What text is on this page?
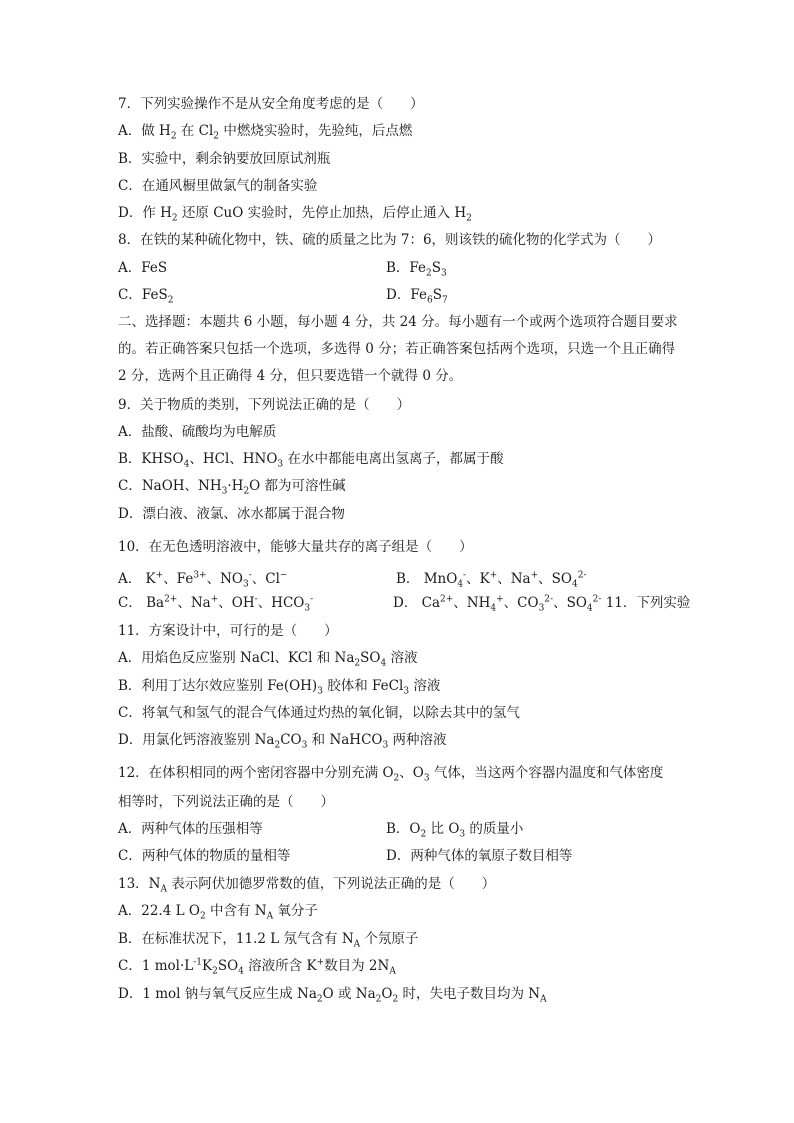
7．下列实验操作不是从安全角度考虑的是（　　）
A．做 $H_2$ 在 $Cl_2$ 中燃烧实验时，先验纯，后点燃
B．实验中，剩余钠要放回原试剂瓶
C．在通风橱里做氯气的制备实验
D．作 $H_2$ 还原 CuO 实验时，先停止加热，后停止通入 $H_2$
8．在铁的某种硫化物中，铁、硫的质量之比为 7：6，则该铁的硫化物的化学式为（　　）
A．FeS	B．$Fe_2S_3$
C．FeS$_2$	D．$Fe_6S_7$
二、选择题：本题共 6 小题，每小题 4 分，共 24 分。每小题有一个或两个选项符合题目要求的。若正确答案只包括一个选项，多选得 0 分；若正确答案包括两个选项，只选一个且正确得 2 分，选两个且正确得 4 分，但只要选错一个就得 0 分。
9．关于物质的类别，下列说法正确的是（　　）
A．盐酸、硫酸均为电解质
B．$KHSO_4$、HCl、$HNO_3$ 在水中都能电离出氢离子，都属于酸
C．NaOH、$NH_3\cdot H_2O$ 都为可溶性碱
D．漂白液、液氯、冰水都属于混合物
10．在无色透明溶液中，能够大量共存的离子组是（　　）
A． K+、$Fe^{3+}$、$NO_3^-$、Cl−	B． MnO$_4$-、K+、Na+、$SO_4^{2-}$
C． $Ba^{2+}$、Na+、OH-、$HCO_3^-$	D． $Ca^{2+}$、$NH_4^+$、$CO_3^{2-}$、$SO_4^{2-}$ 11．下列实验
11．方案设计中，可行的是（　　）
A．用焰色反应鉴别 NaCl、KCl 和 $Na_2SO_4$ 溶液
B．利用丁达尔效应鉴别 $Fe(OH)_3$ 胶体和 FeCl$_3$ 溶液
C．将氧气和氢气的混合气体通过灼热的氧化铜，以除去其中的氢气
D．用氯化钙溶液鉴别 $Na_2CO_3$ 和 NaHCO$_3$ 两种溶液
12．在体积相同的两个密闭容器中分别充满 $O_2$、$O_3$ 气体，当这两个容器内温度和气体密度
相等时，下列说法正确的是（　　）
A．两种气体的压强相等	B．$O_2$ 比 $O_3$ 的质量小
C．两种气体的物质的量相等	D．两种气体的氧原子数目相等
13．$N_A$ 表示阿伏加德罗常数的值，下列说法正确的是（　　）
A．22.4 L $O_2$ 中含有 $N_A$ 氧分子
B．在标准状况下，11.2 L 氖气含有 $N_A$ 个氖原子
C．1 $mol\cdot L^{-1}K_2SO_4$ 溶液所含 K+数目为 $2N_A$
D．1 mol 钠与氧气反应生成 $Na_2O$ 或 $Na_2O_2$ 时，失电子数目均为 $N_A$
